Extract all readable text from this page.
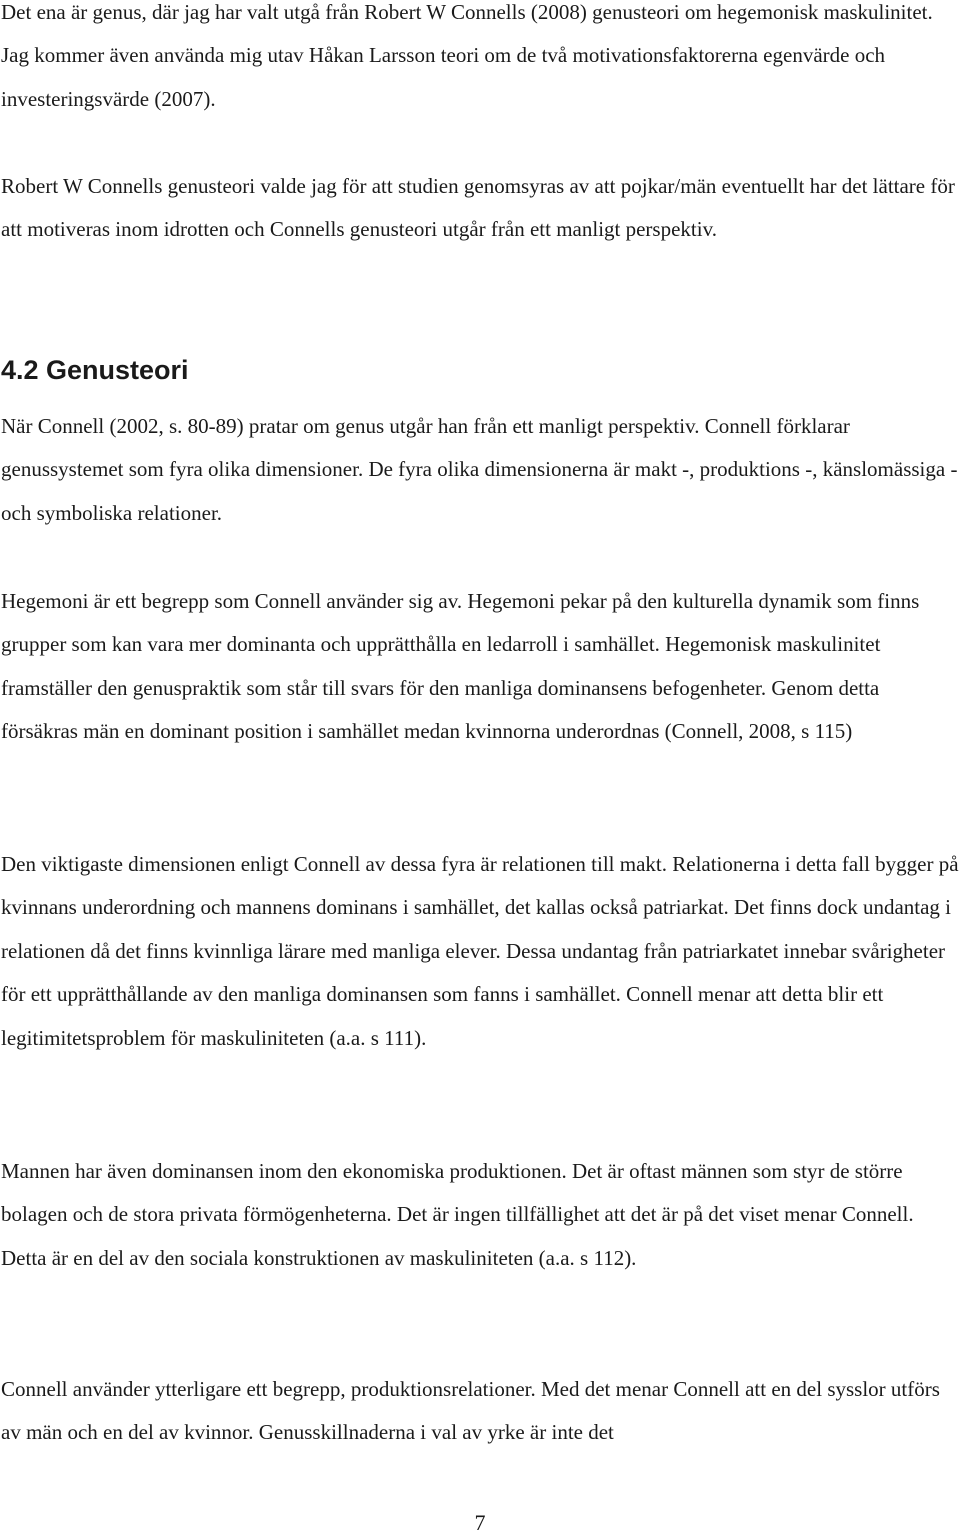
Det ena är genus, där jag har valt utgå från Robert W Connells (2008) genusteori om hegemonisk maskulinitet. Jag kommer även använda mig utav Håkan Larsson teori om de två motivationsfaktorerna egenvärde och investeringsvärde (2007).

Robert W Connells genusteori valde jag för att studien genomsyras av att pojkar/män eventuellt har det lättare för att motiveras inom idrotten och Connells genusteori utgår från ett manligt perspektiv.

4.2 Genusteori

När Connell (2002, s. 80-89) pratar om genus utgår han från ett manligt perspektiv. Connell förklarar genussystemet som fyra olika dimensioner. De fyra olika dimensionerna är makt -, produktions -, känslomässiga - och symboliska relationer.

Hegemoni är ett begrepp som Connell använder sig av. Hegemoni pekar på den kulturella dynamik som finns grupper som kan vara mer dominanta och upprätthålla en ledarroll i samhället. Hegemonisk maskulinitet framställer den genuspraktik som står till svars för den manliga dominansens befogenheter. Genom detta försäkras män en dominant position i samhället medan kvinnorna underordnas (Connell, 2008, s 115)

Den viktigaste dimensionen enligt Connell av dessa fyra är relationen till makt. Relationerna i detta fall bygger på kvinnans underordning och mannens dominans i samhället, det kallas också patriarkat. Det finns dock undantag i relationen då det finns kvinnliga lärare med manliga elever. Dessa undantag från patriarkatet innebar svårigheter för ett upprätthållande av den manliga dominansen som fanns i samhället. Connell menar att detta blir ett legitimitetsproblem för maskuliniteten (a.a. s 111).

Mannen har även dominansen inom den ekonomiska produktionen. Det är oftast männen som styr de större bolagen och de stora privata förmögenheterna. Det är ingen tillfällighet att det är på det viset menar Connell. Detta är en del av den sociala konstruktionen av maskuliniteten (a.a. s 112).

Connell använder ytterligare ett begrepp, produktionsrelationer. Med det menar Connell att en del sysslor utförs av män och en del av kvinnor. Genusskillnaderna i val av yrke är inte det

7
